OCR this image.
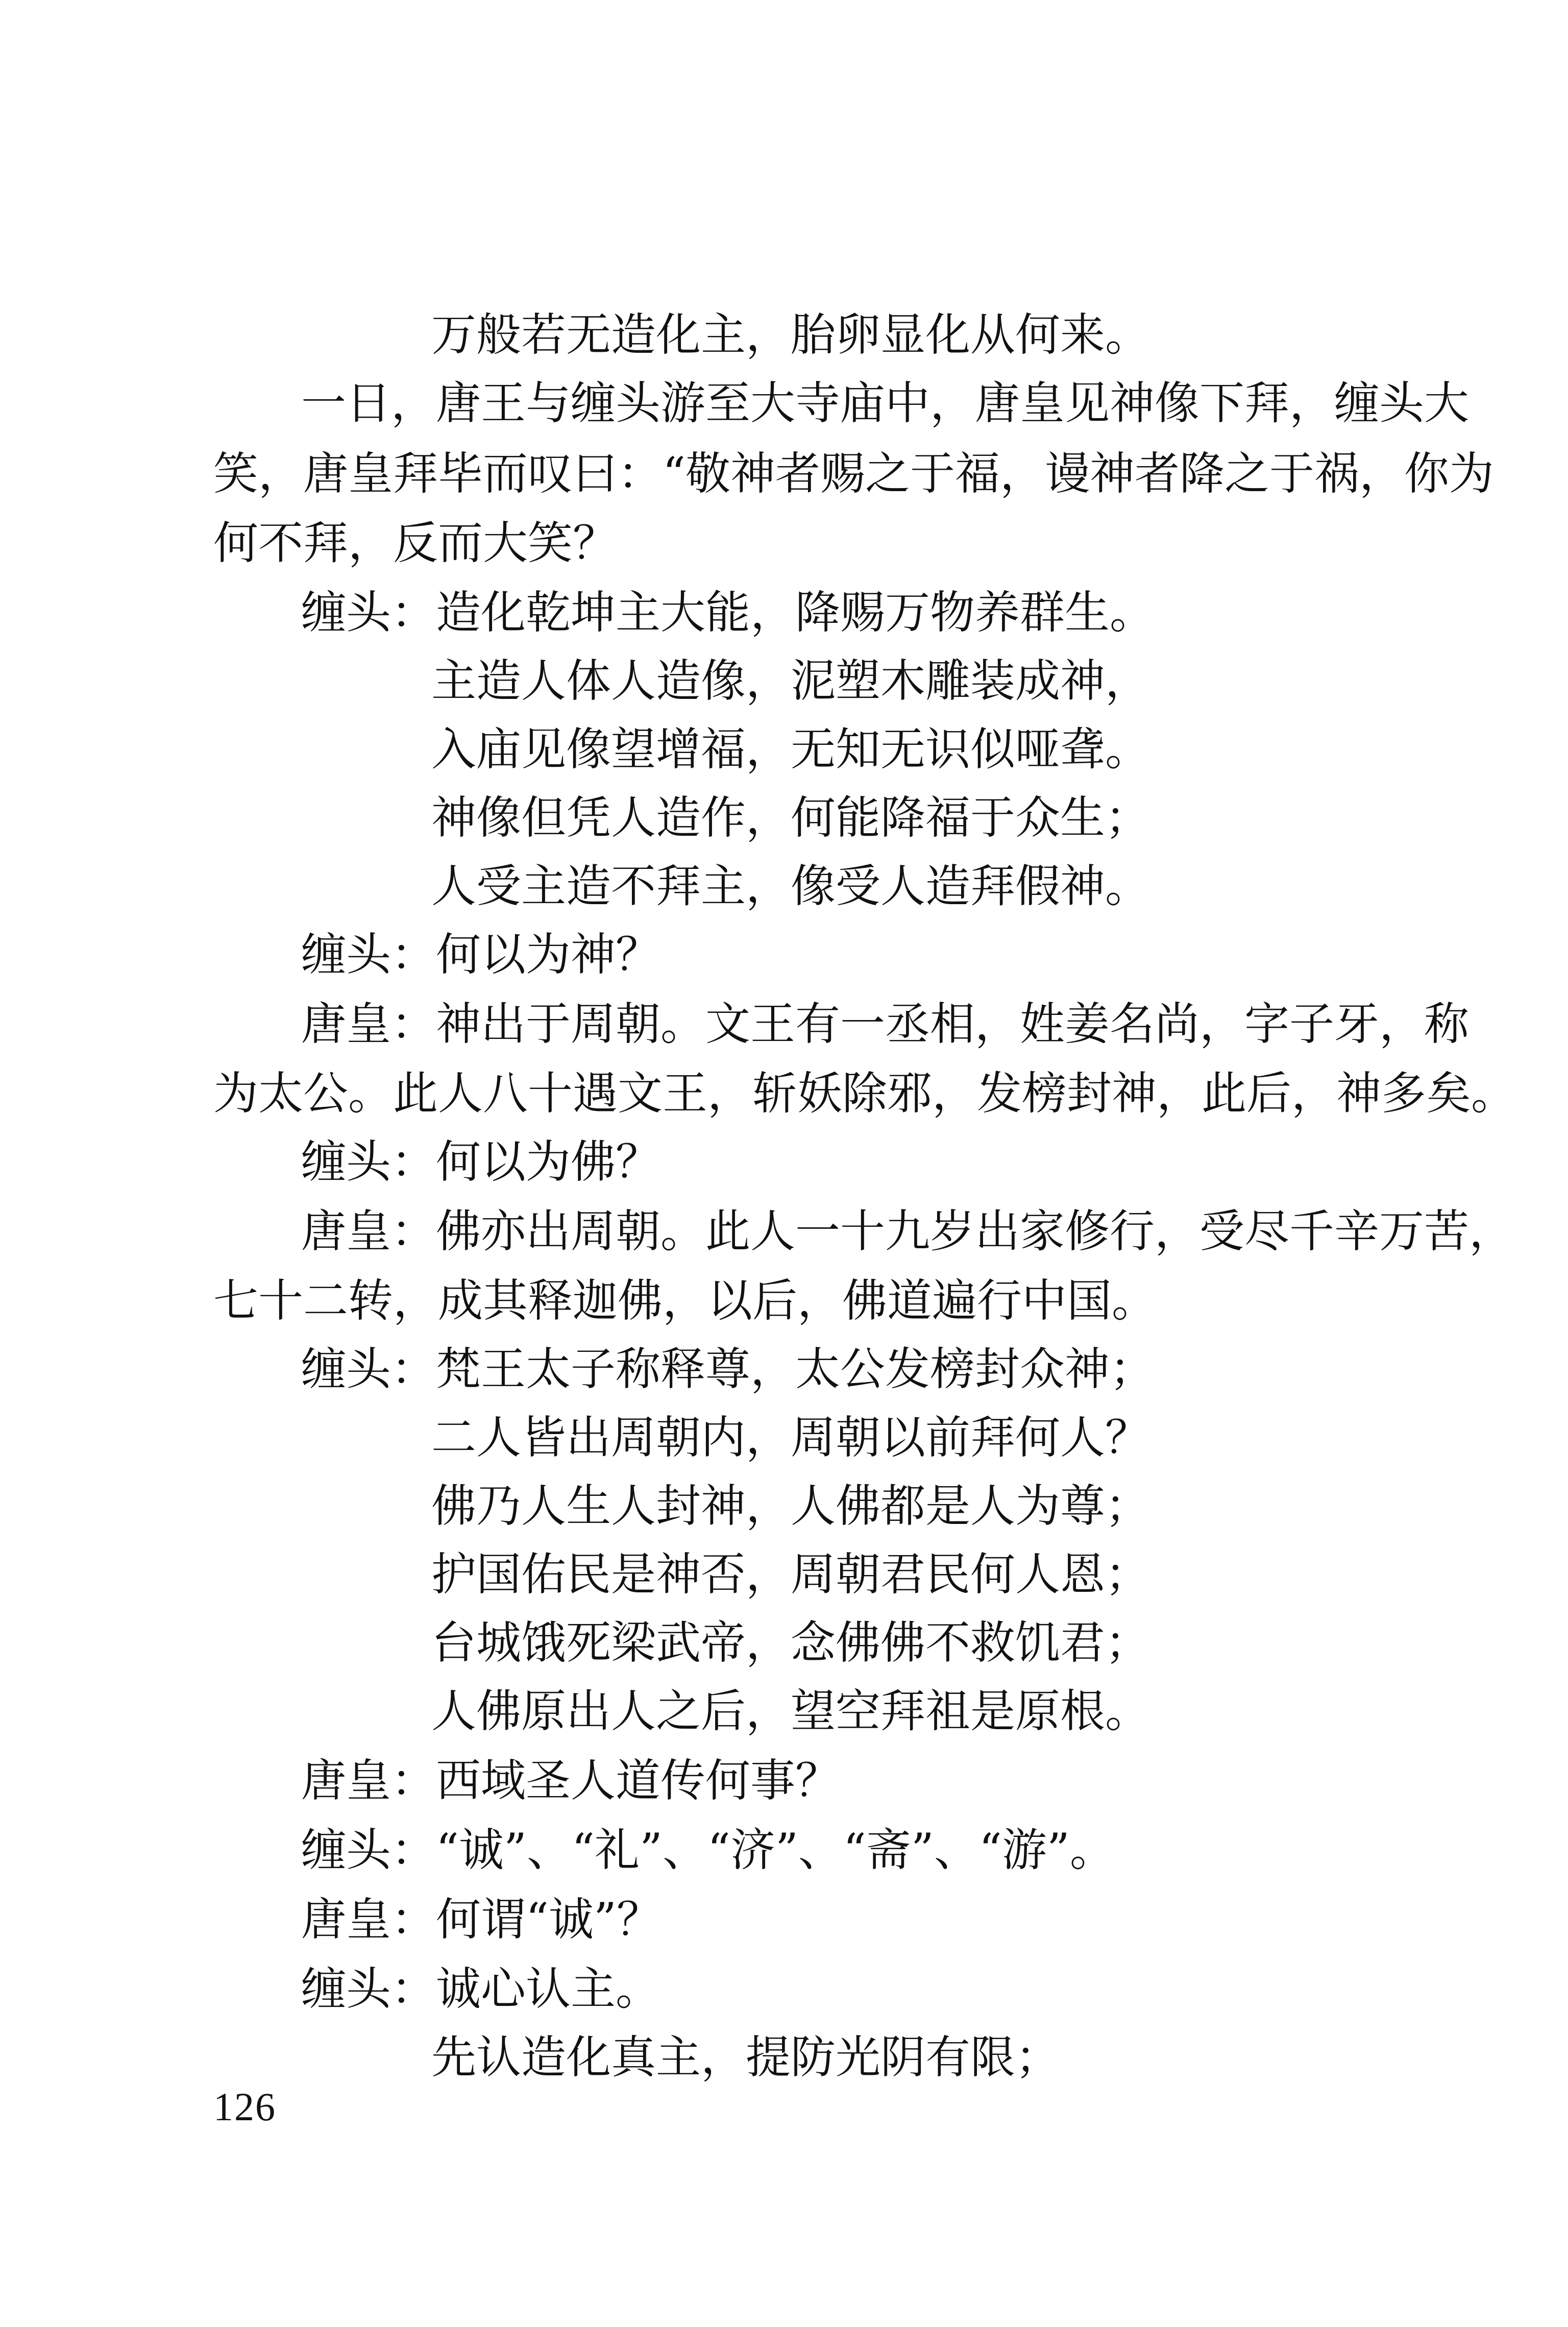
万般若无造化主，胎卵显化从何来。
一日，唐王与缠头游至大寺庙中，唐皇见神像下拜，缠头大
笑，唐皇拜毕而叹曰：“敬神者赐之于福，谩神者降之于祸，你为
何不拜，反而大笑？
缠头：造化乾坤主大能，降赐万物养群生。
主造人体人造像，泥塑木雕装成神，
入庙见像望增福，无知无识似哑聋。
神像但凭人造作，何能降福于众生；
人受主造不拜主，像受人造拜假神。
缠头：何以为神？
唐皇：神出于周朝。文王有一丞相，姓姜名尚，字子牙，称
为太公。此人八十遇文王，斩妖除邪，发榜封神，此后，神多矣。
缠头：何以为佛？
唐皇：佛亦出周朝。此人一十九岁出家修行，受尽千辛万苦，
七十二转，成其释迦佛，以后，佛道遍行中国。
缠头：梵王太子称释尊，太公发榜封众神；
二人皆出周朝内，周朝以前拜何人？
佛乃人生人封神，人佛都是人为尊；
护国佑民是神否，周朝君民何人恩；
台城饿死梁武帝，念佛佛不救饥君；
人佛原出人之后，望空拜祖是原根。
唐皇：西域圣人道传何事？
缠头：“诚”、“礼”、“济”、“斋”、“游”。
唐皇：何谓“诚”？
缠头：诚心认主。
先认造化真主，提防光阴有限；
126
